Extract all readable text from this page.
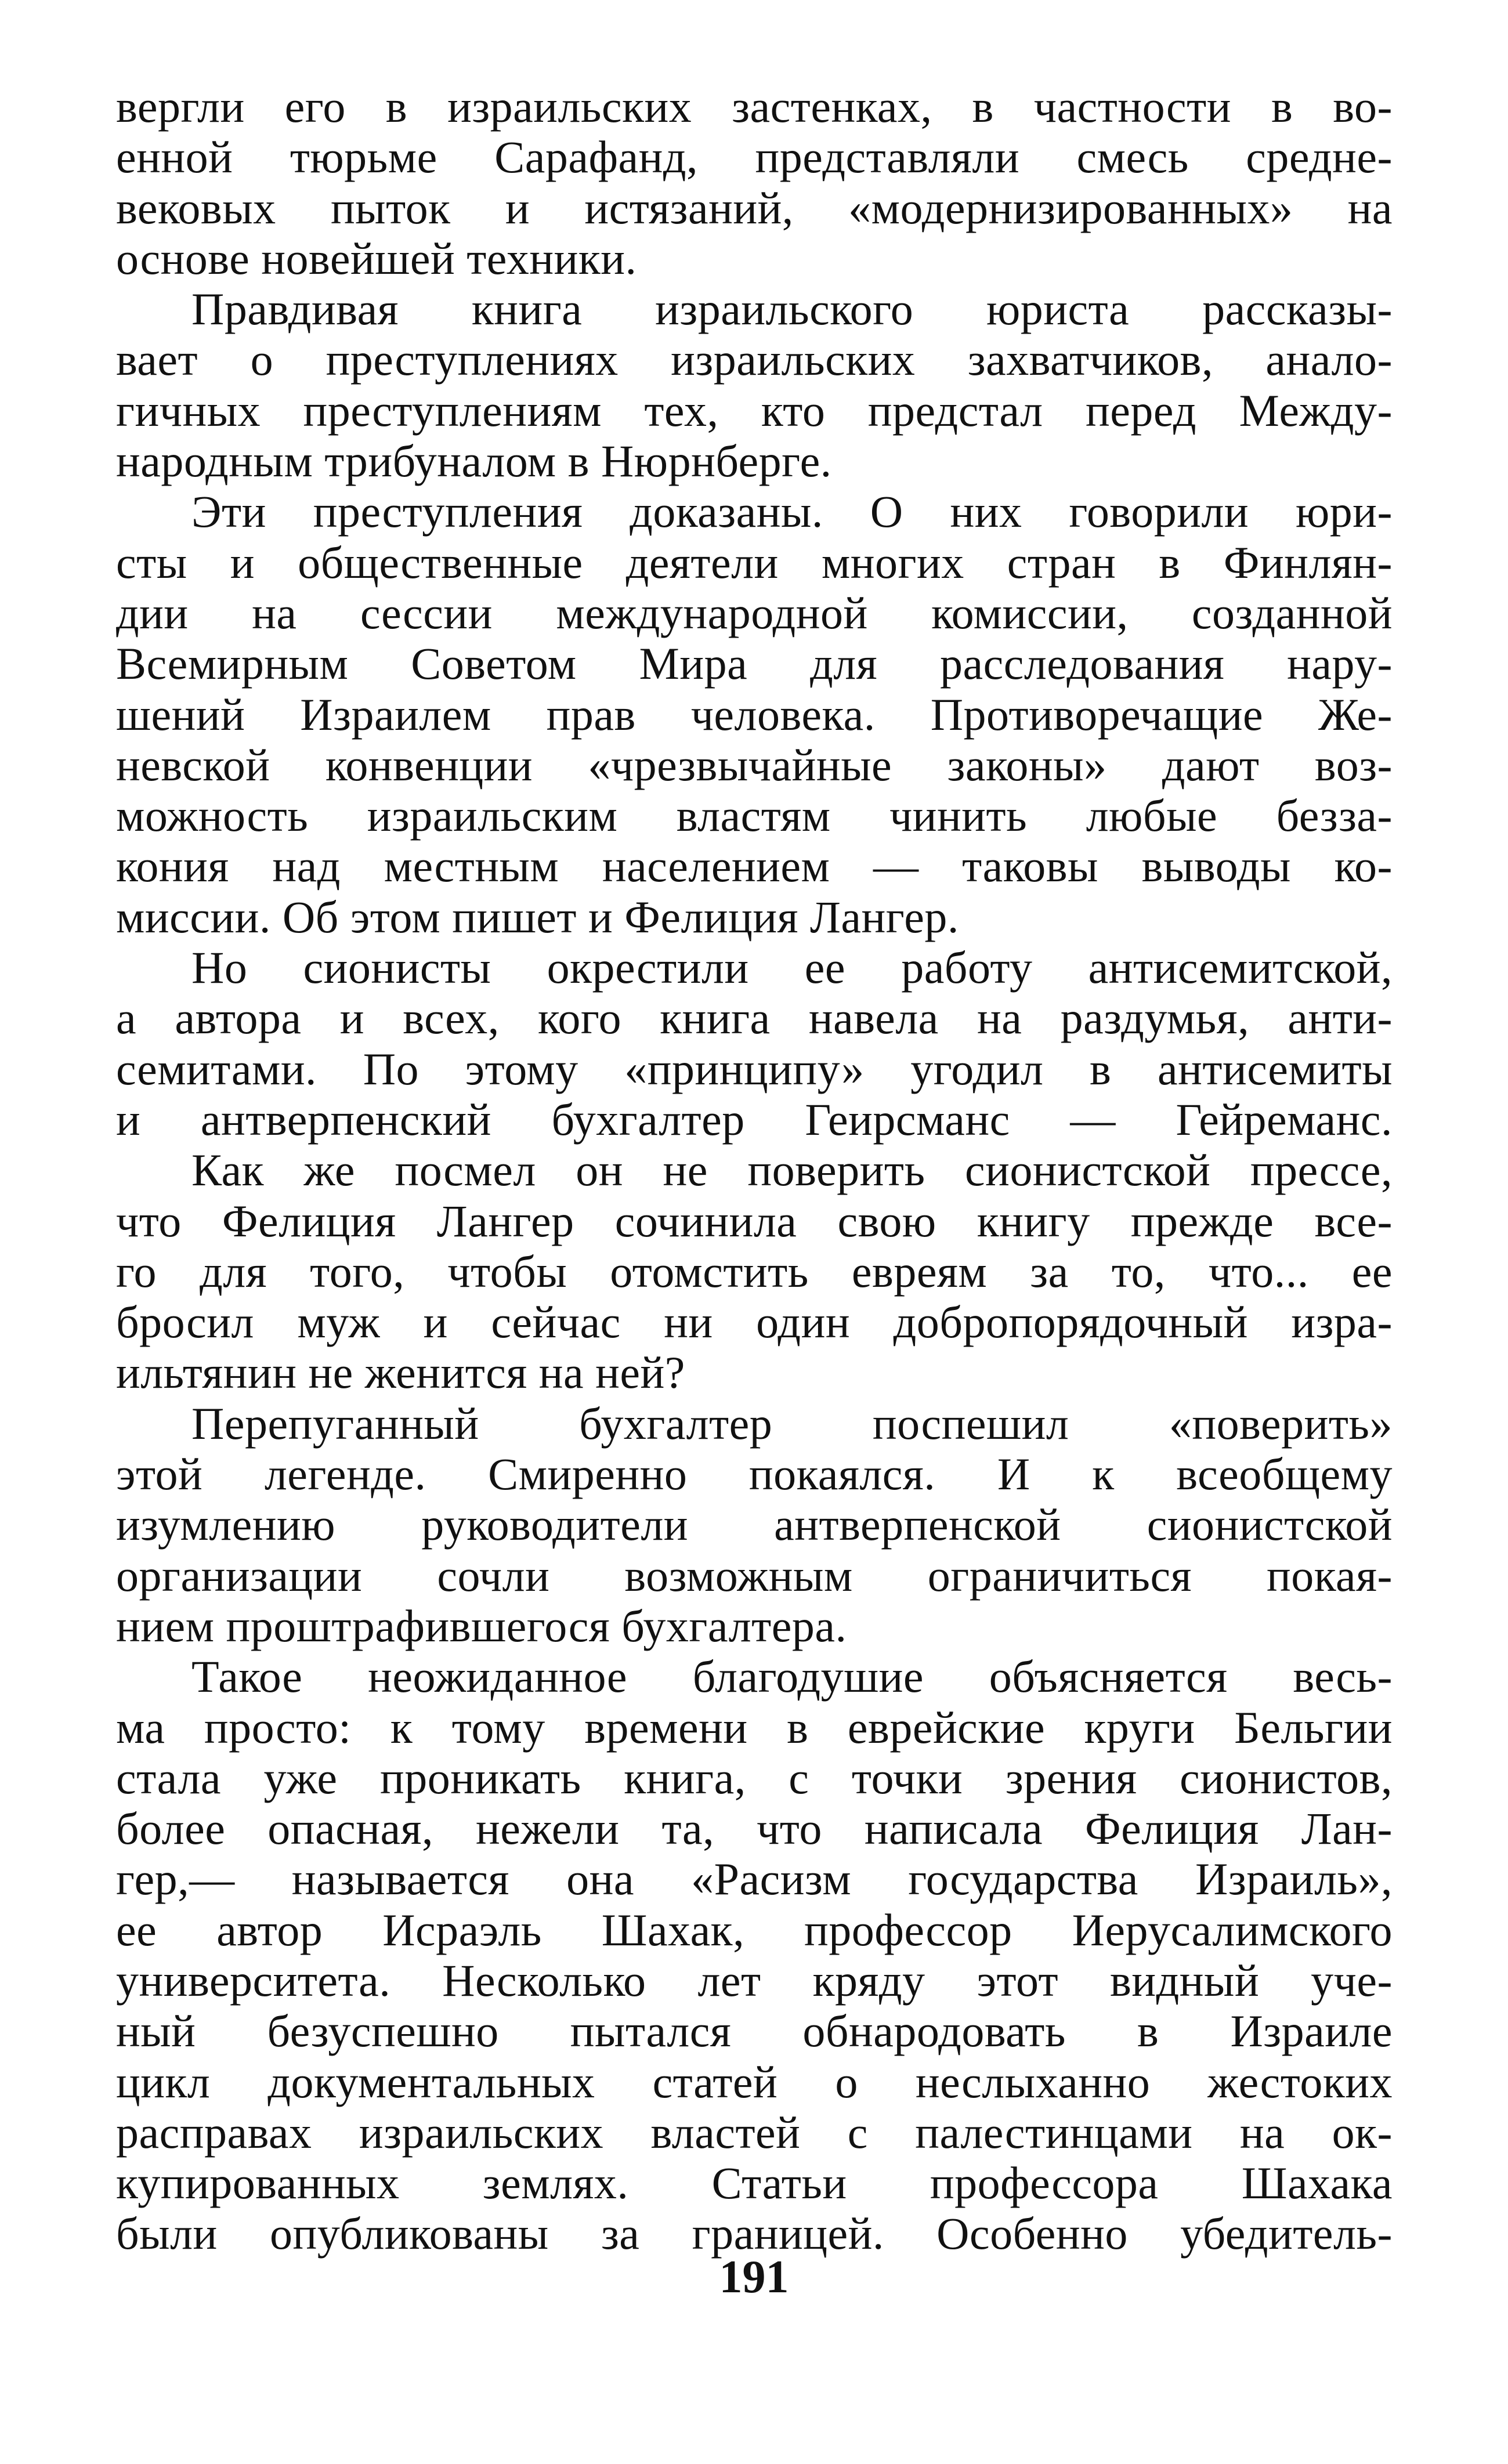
вергли его в израильских застенках, в частности в во-
енной тюрьме Сарафанд, представляли смесь средне-
вековых пыток и истязаний, «модернизированных» на
основе новейшей техники.
Правдивая книга израильского юриста рассказы-
вает о преступлениях израильских захватчиков, анало-
гичных преступлениям тех, кто предстал перед Между-
народным трибуналом в Нюрнберге.
Эти преступления доказаны. О них говорили юри-
сты и общественные деятели многих стран в Финлян-
дии на сессии международной комиссии, созданной
Всемирным Советом Мира для расследования нару-
шений Израилем прав человека. Противоречащие Же-
невской конвенции «чрезвычайные законы» дают воз-
можность израильским властям чинить любые безза-
кония над местным населением — таковы выводы ко-
миссии. Об этом пишет и Фелиция Лангер.
Но сионисты окрестили ее работу антисемитской,
а автора и всех, кого книга навела на раздумья, анти-
семитами. По этому «принципу» угодил в антисемиты
и антверпенский бухгалтер Геирсманс — Гейреманс.
Как же посмел он не поверить сионистской прессе,
что Фелиция Лангер сочинила свою книгу прежде все-
го для того, чтобы отомстить евреям за то, что... ее
бросил муж и сейчас ни один добропорядочный изра-
ильтянин не женится на ней?
Перепуганный бухгалтер поспешил «поверить»
этой легенде. Смиренно покаялся. И к всеобщему
изумлению руководители антверпенской сионистской
организации сочли возможным ограничиться покая-
нием проштрафившегося бухгалтера.
Такое неожиданное благодушие объясняется весь-
ма просто: к тому времени в еврейские круги Бельгии
стала уже проникать книга, с точки зрения сионистов,
более опасная, нежели та, что написала Фелиция Лан-
гер,— называется она «Расизм государства Израиль»,
ее автор Исраэль Шахак, профессор Иерусалимского
университета. Несколько лет кряду этот видный уче-
ный безуспешно пытался обнародовать в Израиле
цикл документальных статей о неслыханно жестоких
расправах израильских властей с палестинцами на ок-
купированных землях. Статьи профессора Шахака
были опубликованы за границей. Особенно убедитель-
191
